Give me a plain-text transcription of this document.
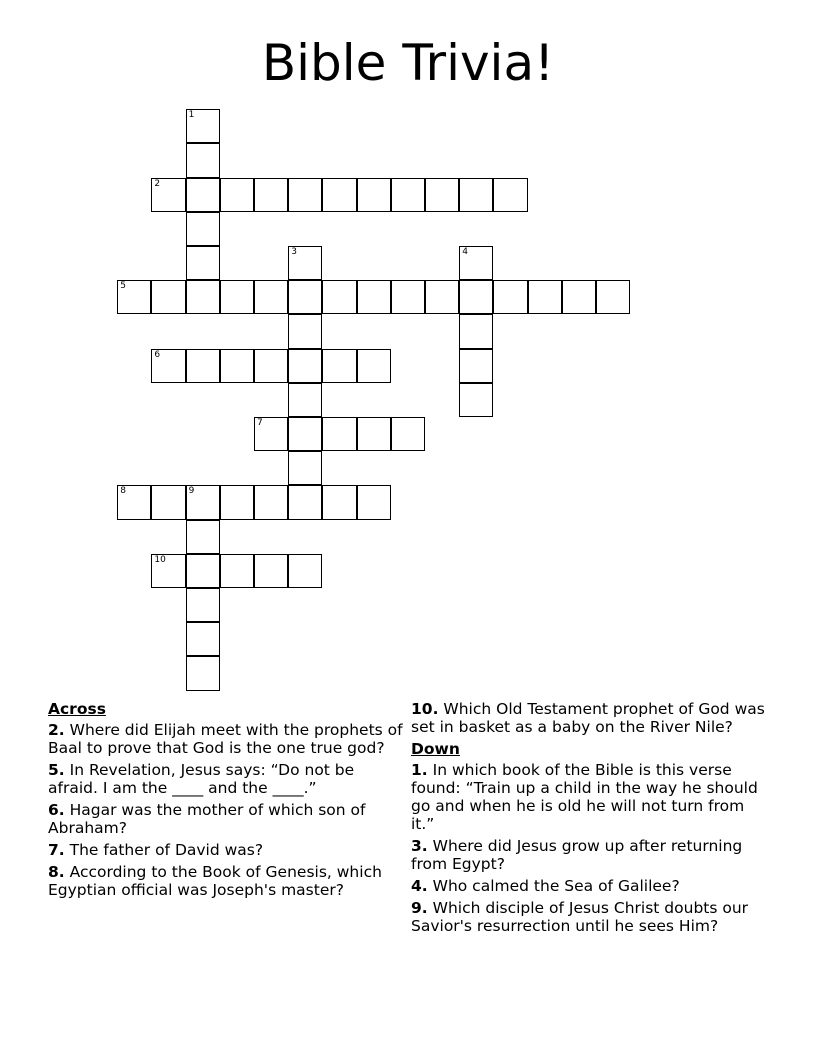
Bible Trivia!
1
2
3	4
5
6
7
8	9
10
Across
2. Where did Elijah meet with the prophets of Baal to prove that God is the one true god?
5. In Revelation, Jesus says: “Do not be afraid. I am the ____ and the ____.”
6. Hagar was the mother of which son of Abraham?
7. The father of David was?
8. According to the Book of Genesis, which Egyptian official was Joseph's master?
10. Which Old Testament prophet of God was set in basket as a baby on the River Nile?
Down
1. In which book of the Bible is this verse found: “Train up a child in the way he should go and when he is old he will not turn from it.”
3. Where did Jesus grow up after returning from Egypt?
4. Who calmed the Sea of Galilee?
9. Which disciple of Jesus Christ doubts our Savior's resurrection until he sees Him?
